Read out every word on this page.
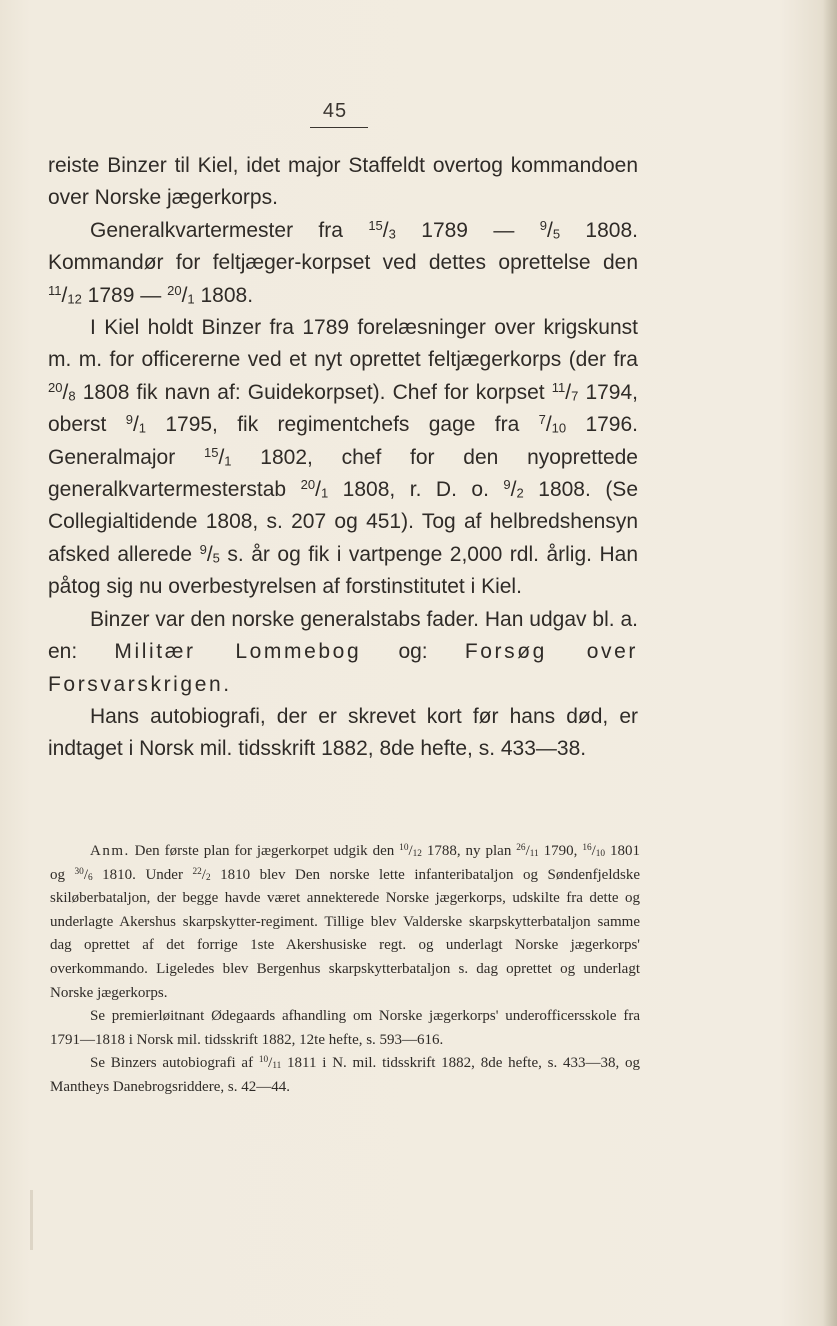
45

reiste Binzer til Kiel, idet major Staffeldt overtog kommandoen over Norske jægerkorps.

Generalkvartermester fra $^{15}/_3$ 1789 — $^9/_5$ 1808. Kommandør for feltjæger-korpset ved dettes oprettelse den $^{11}/_{12}$ 1789 — $^{20}/_1$ 1808.

I Kiel holdt Binzer fra 1789 forelæsninger over krigskunst m. m. for officererne ved et nyt oprettet feltjægerkorps (der fra $^{20}/_8$ 1808 fik navn af: Guidekorpset). Chef for korpset $^{11}/_7$ 1794, oberst $^9/_1$ 1795, fik regimentchefs gage fra $^7/_{10}$ 1796. Generalmajor $^{15}/_1$ 1802, chef for den nyoprettede generalkvartermesterstab $^{20}/_1$ 1808, r. D. o. $^9/_2$ 1808. (Se Collegialtidende 1808, s. 207 og 451). Tog af helbredshensyn afsked allerede $^9/_5$ s. år og fik i vartpenge 2,000 rdl. årlig. Han påtog sig nu overbestyrelsen af forstinstitutet i Kiel.

Binzer var den norske generalstabs fader. Han udgav bl. a. en: Militær Lommebog og: Forsøg over Forsvarskrigen.

Hans autobiografi, der er skrevet kort før hans død, er indtaget i Norsk mil. tidsskrift 1882, 8de hefte, s. 433—38.

Anm. Den første plan for jægerkorpet udgik den $^{10}/_{12}$ 1788, ny plan $^{26}/_{11}$ 1790, $^{16}/_{10}$ 1801 og $^{30}/_6$ 1810. Under $^{22}/_2$ 1810 blev Den norske lette infanteribataljon og Søndenfjeldske skiløberbataljon, der begge havde været annekterede Norske jægerkorps, udskilte fra dette og underlagte Akershus skarpskytter-regiment. Tillige blev Valderske skarpskytterbataljon samme dag oprettet af det forrige 1ste Akershusiske regt. og underlagt Norske jægerkorps' overkommando. Ligeledes blev Bergenhus skarpskytterbataljon s. dag oprettet og underlagt Norske jægerkorps.

Se premierløitnant Ødegaards afhandling om Norske jægerkorps' underofficersskole fra 1791—1818 i Norsk mil. tidsskrift 1882, 12te hefte, s. 593—616.

Se Binzers autobiografi af $^{10}/_{11}$ 1811 i N. mil. tidsskrift 1882, 8de hefte, s. 433—38, og Mantheys Danebrogsriddere, s. 42—44.
